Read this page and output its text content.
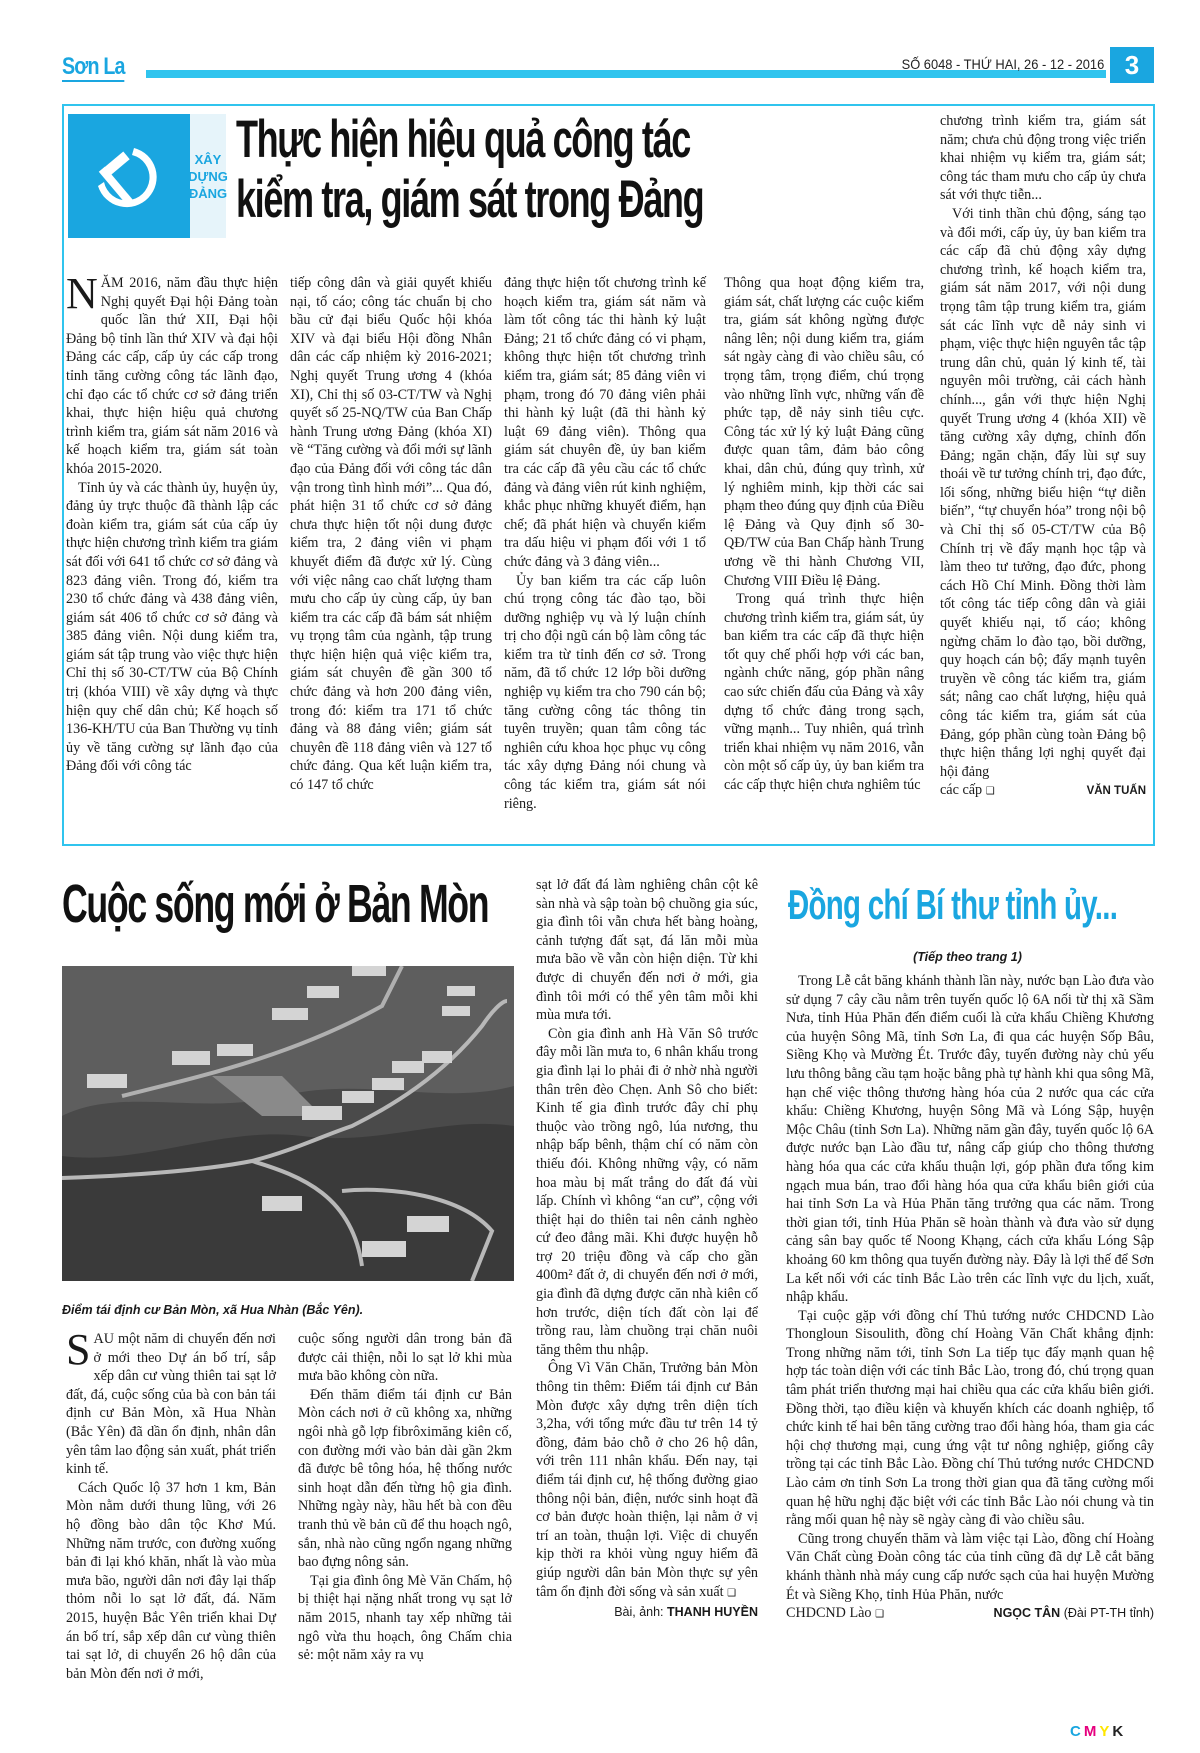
Sơn La	SỐ 6048 - THỨ HAI, 26 - 12 - 2016 3
XÂY
DỰNG
ĐẢNG
Thực hiện hiệu quả công tác
kiểm tra, giám sát trong Đảng

NĂM 2016, năm đầu thực hiện Nghị quyết Đại hội Đảng toàn quốc lần thứ XII, Đại hội Đảng bộ tỉnh lần thứ XIV và đại hội Đảng các cấp, cấp ủy các cấp trong tỉnh tăng cường công tác lãnh đạo, chỉ đạo các tổ chức cơ sở đảng triển khai, thực hiện hiệu quả chương trình kiểm tra, giám sát năm 2016 và kế hoạch kiểm tra, giám sát toàn khóa 2015-2020.

Tỉnh ủy và các thành ủy, huyện ủy, đảng ủy trực thuộc đã thành lập các đoàn kiểm tra, giám sát của cấp ủy thực hiện chương trình kiểm tra giám sát đối với 641 tổ chức cơ sở đảng và 823 đảng viên. Trong đó, kiểm tra 230 tổ chức đảng và 438 đảng viên, giám sát 406 tổ chức cơ sở đảng và 385 đảng viên. Nội dung kiểm tra, giám sát tập trung vào việc thực hiện Chỉ thị số 30-CT/TW của Bộ Chính trị (khóa VIII) về xây dựng và thực hiện quy chế dân chủ; Kế hoạch số 136-KH/TU của Ban Thường vụ tỉnh ủy về tăng cường sự lãnh đạo của Đảng đối với công tác

tiếp công dân và giải quyết khiếu nại, tố cáo; công tác chuẩn bị cho bầu cử đại biểu Quốc hội khóa XIV và đại biểu Hội đồng Nhân dân các cấp nhiệm kỳ 2016-2021; Nghị quyết Trung ương 4 (khóa XI), Chỉ thị số 03-CT/TW và Nghị quyết số 25-NQ/TW của Ban Chấp hành Trung ương Đảng (khóa XI) về “Tăng cường và đổi mới sự lãnh đạo của Đảng đối với công tác dân vận trong tình hình mới”... Qua đó, phát hiện 31 tổ chức cơ sở đảng chưa thực hiện tốt nội dung được kiểm tra, 2 đảng viên vi phạm khuyết điểm đã được xử lý. Cùng với việc nâng cao chất lượng tham mưu cho cấp ủy cùng cấp, ủy ban kiểm tra các cấp đã bám sát nhiệm vụ trọng tâm của ngành, tập trung thực hiện hiện quả việc kiểm tra, giám sát chuyên đề gần 300 tổ chức đảng và hơn 200 đảng viên, trong đó: kiểm tra 171 tổ chức đảng và 88 đảng viên; giám sát chuyên đề 118 đảng viên và 127 tổ chức đảng. Qua kết luận kiểm tra, có 147 tổ chức

đảng thực hiện tốt chương trình kế hoạch kiểm tra, giám sát năm và làm tốt công tác thi hành kỷ luật Đảng; 21 tổ chức đảng có vi phạm, không thực hiện tốt chương trình kiểm tra, giám sát; 85 đảng viên vi phạm, trong đó 70 đảng viên phải thi hành kỷ luật (đã thi hành kỷ luật 69 đảng viên). Thông qua giám sát chuyên đề, ủy ban kiểm tra các cấp đã yêu cầu các tổ chức đảng và đảng viên rút kinh nghiệm, khắc phục những khuyết điểm, hạn chế; đã phát hiện và chuyển kiểm tra dấu hiệu vi phạm đối với 1 tổ chức đảng và 3 đảng viên...

Ủy ban kiểm tra các cấp luôn chú trọng công tác đào tạo, bồi dưỡng nghiệp vụ và lý luận chính trị cho đội ngũ cán bộ làm công tác kiểm tra từ tỉnh đến cơ sở. Trong năm, đã tổ chức 12 lớp bồi dưỡng nghiệp vụ kiểm tra cho 790 cán bộ; tăng cường công tác thông tin tuyên truyền; quan tâm công tác nghiên cứu khoa học phục vụ công tác xây dựng Đảng nói chung và công tác kiểm tra, giám sát nói riêng.

Thông qua hoạt động kiểm tra, giám sát, chất lượng các cuộc kiểm tra, giám sát không ngừng được nâng lên; nội dung kiểm tra, giám sát ngày càng đi vào chiều sâu, có trọng tâm, trọng điểm, chú trọng vào những lĩnh vực, những vấn đề phức tạp, dễ nảy sinh tiêu cực. Công tác xử lý kỷ luật Đảng cũng được quan tâm, đảm bảo công khai, dân chủ, đúng quy trình, xử lý nghiêm minh, kịp thời các sai phạm theo đúng quy định của Điều lệ Đảng và Quy định số 30-QĐ/TW của Ban Chấp hành Trung ương về thi hành Chương VII, Chương VIII Điều lệ Đảng.

Trong quá trình thực hiện chương trình kiểm tra, giám sát, ủy ban kiểm tra các cấp đã thực hiện tốt quy chế phối hợp với các ban, ngành chức năng, góp phần nâng cao sức chiến đấu của Đảng và xây dựng tổ chức đảng trong sạch, vững mạnh... Tuy nhiên, quá trình triển khai nhiệm vụ năm 2016, vẫn còn một số cấp ủy, ủy ban kiểm tra các cấp thực hiện chưa nghiêm túc

chương trình kiểm tra, giám sát năm; chưa chủ động trong việc triển khai nhiệm vụ kiểm tra, giám sát; công tác tham mưu cho cấp ủy chưa sát với thực tiễn...

Với tinh thần chủ động, sáng tạo và đổi mới, cấp ủy, ủy ban kiểm tra các cấp đã chủ động xây dựng chương trình, kế hoạch kiểm tra, giám sát năm 2017, với nội dung trọng tâm tập trung kiểm tra, giám sát các lĩnh vực dễ nảy sinh vi phạm, việc thực hiện nguyên tắc tập trung dân chủ, quản lý kinh tế, tài nguyên môi trường, cải cách hành chính..., gắn với thực hiện Nghị quyết Trung ương 4 (khóa XII) về tăng cường xây dựng, chỉnh đốn Đảng; ngăn chặn, đẩy lùi sự suy thoái về tư tưởng chính trị, đạo đức, lối sống, những biểu hiện “tự diễn biến”, “tự chuyển hóa” trong nội bộ và Chỉ thị số 05-CT/TW của Bộ Chính trị về đẩy mạnh học tập và làm theo tư tưởng, đạo đức, phong cách Hồ Chí Minh. Đồng thời làm tốt công tác tiếp công dân và giải quyết khiếu nại, tố cáo; không ngừng chăm lo đào tạo, bồi dưỡng, quy hoạch cán bộ; đẩy mạnh tuyên truyền về công tác kiểm tra, giám sát; nâng cao chất lượng, hiệu quả công tác kiểm tra, giám sát của Đảng, góp phần cùng toàn Đảng bộ thực hiện thắng lợi nghị quyết đại hội đảng

các cấp ❑	VĂN TUẤN
Cuộc sống mới ở Bản Mòn
Điểm tái định cư Bản Mòn, xã Hua Nhàn (Bắc Yên).

SAU một năm di chuyển đến nơi ở mới theo Dự án bố trí, sắp xếp dân cư vùng thiên tai sạt lở đất, đá, cuộc sống của bà con bản tái định cư Bản Mòn, xã Hua Nhàn (Bắc Yên) đã dần ổn định, nhân dân yên tâm lao động sản xuất, phát triển kinh tế.

Cách Quốc lộ 37 hơn 1 km, Bản Mòn nằm dưới thung lũng, với 26 hộ đồng bào dân tộc Khơ Mú. Những năm trước, con đường xuống bản đi lại khó khăn, nhất là vào mùa mưa bão, người dân nơi đây lại thấp thỏm nỗi lo sạt lở đất, đá. Năm 2015, huyện Bắc Yên triển khai Dự án bố trí, sắp xếp dân cư vùng thiên tai sạt lở, di chuyển 26 hộ dân của bản Mòn đến nơi ở mới,

cuộc sống người dân trong bản đã được cải thiện, nỗi lo sạt lở khi mùa mưa bão không còn nữa.

Đến thăm điểm tái định cư Bản Mòn cách nơi ở cũ không xa, những ngôi nhà gỗ lợp fibrôximăng kiên cố, con đường mới vào bản dài gần 2km đã được bê tông hóa, hệ thống nước sinh hoạt dẫn đến từng hộ gia đình. Những ngày này, hầu hết bà con đều tranh thủ về bản cũ để thu hoạch ngô, sắn, nhà nào cũng ngổn ngang những bao đựng nông sản.

Tại gia đình ông Mè Văn Chấm, hộ bị thiệt hại nặng nhất trong vụ sạt lở năm 2015, nhanh tay xếp những tải ngô vừa thu hoạch, ông Chấm chia sẻ: một năm xảy ra vụ

sạt lở đất đá làm nghiêng chân cột kê sàn nhà và sập toàn bộ chuồng gia súc, gia đình tôi vẫn chưa hết bàng hoàng, cảnh tượng đất sạt, đá lăn mỗi mùa mưa bão về vẫn còn hiện diện. Từ khi được di chuyển đến nơi ở mới, gia đình tôi mới có thể yên tâm mỗi khi mùa mưa tới.

Còn gia đình anh Hà Văn Sô trước đây mỗi lần mưa to, 6 nhân khẩu trong gia đình lại lo phải đi ở nhờ nhà người thân trên đèo Chẹn. Anh Sô cho biết: Kinh tế gia đình trước đây chỉ phụ thuộc vào trồng ngô, lúa nương, thu nhập bấp bênh, thậm chí có năm còn thiếu đói. Không những vậy, có năm hoa màu bị mất trắng do đất đá vùi lấp. Chính vì không “an cư”, cộng với thiệt hại do thiên tai nên cảnh nghèo cứ đeo đẳng mãi. Khi được huyện hỗ trợ 20 triệu đồng và cấp cho gần 400m² đất ở, di chuyển đến nơi ở mới, gia đình đã dựng được căn nhà kiên cố hơn trước, diện tích đất còn lại để trồng rau, làm chuồng trại chăn nuôi tăng thêm thu nhập.

Ông Vì Văn Chăn, Trưởng bản Mòn thông tin thêm: Điểm tái định cư Bản Mòn được xây dựng trên diện tích 3,2ha, với tổng mức đầu tư trên 14 tỷ đồng, đảm bảo chỗ ở cho 26 hộ dân, với trên 111 nhân khẩu. Đến nay, tại điểm tái định cư, hệ thống đường giao thông nội bản, điện, nước sinh hoạt đã cơ bản được hoàn thiện, lại nằm ở vị trí an toàn, thuận lợi. Việc di chuyển kịp thời ra khỏi vùng nguy hiểm đã giúp người dân bản Mòn thực sự yên tâm ổn định đời sống và sản xuất ❑

Bài, ảnh: THANH HUYỀN
Đồng chí Bí thư tỉnh ủy...
(Tiếp theo trang 1)

Trong Lễ cắt băng khánh thành lần này, nước bạn Lào đưa vào sử dụng 7 cây cầu nằm trên tuyến quốc lộ 6A nối từ thị xã Sầm Nưa, tỉnh Hủa Phăn đến điểm cuối là cửa khẩu Chiềng Khương của huyện Sông Mã, tỉnh Sơn La, đi qua các huyện Sốp Bâu, Siềng Khọ và Mường Ét. Trước đây, tuyến đường này chủ yếu lưu thông bằng cầu tạm hoặc bằng phà tự hành khi qua sông Mã, hạn chế việc thông thương hàng hóa của 2 nước qua các cửa khẩu: Chiềng Khương, huyện Sông Mã và Lóng Sập, huyện Mộc Châu (tỉnh Sơn La). Những năm gần đây, tuyến quốc lộ 6A được nước bạn Lào đầu tư, nâng cấp giúp cho thông thương hàng hóa qua các cửa khẩu thuận lợi, góp phần đưa tổng kim ngạch mua bán, trao đổi hàng hóa qua cửa khẩu biên giới của hai tỉnh Sơn La và Hủa Phăn tăng trưởng qua các năm. Trong thời gian tới, tỉnh Hủa Phăn sẽ hoàn thành và đưa vào sử dụng cảng sân bay quốc tế Noong Khạng, cách cửa khẩu Lóng Sập khoảng 60 km thông qua tuyến đường này. Đây là lợi thế để Sơn La kết nối với các tỉnh Bắc Lào trên các lĩnh vực du lịch, xuất, nhập khẩu.

Tại cuộc gặp với đồng chí Thủ tướng nước CHDCND Lào Thongloun Sisoulith, đồng chí Hoàng Văn Chất khẳng định: Trong những năm tới, tỉnh Sơn La tiếp tục đẩy mạnh quan hệ hợp tác toàn diện với các tỉnh Bắc Lào, trong đó, chú trọng quan tâm phát triển thương mại hai chiều qua các cửa khẩu biên giới. Đồng thời, tạo điều kiện và khuyến khích các doanh nghiệp, tổ chức kinh tế hai bên tăng cường trao đổi hàng hóa, tham gia các hội chợ thương mại, cung ứng vật tư nông nghiệp, giống cây trồng tại các tỉnh Bắc Lào. Đồng chí Thủ tướng nước CHDCND Lào cảm ơn tỉnh Sơn La trong thời gian qua đã tăng cường mối quan hệ hữu nghị đặc biệt với các tỉnh Bắc Lào nói chung và tin rằng mối quan hệ này sẽ ngày càng đi vào chiều sâu.

Cũng trong chuyến thăm và làm việc tại Lào, đồng chí Hoàng Văn Chất cùng Đoàn công tác của tỉnh cũng đã dự Lễ cắt băng khánh thành nhà máy cung cấp nước sạch của hai huyện Mường Ét và Siềng Khọ, tỉnh Hủa Phăn, nước

CHDCND Lào ❑	NGỌC TÂN (Đài PT-TH tỉnh)
CMYK
